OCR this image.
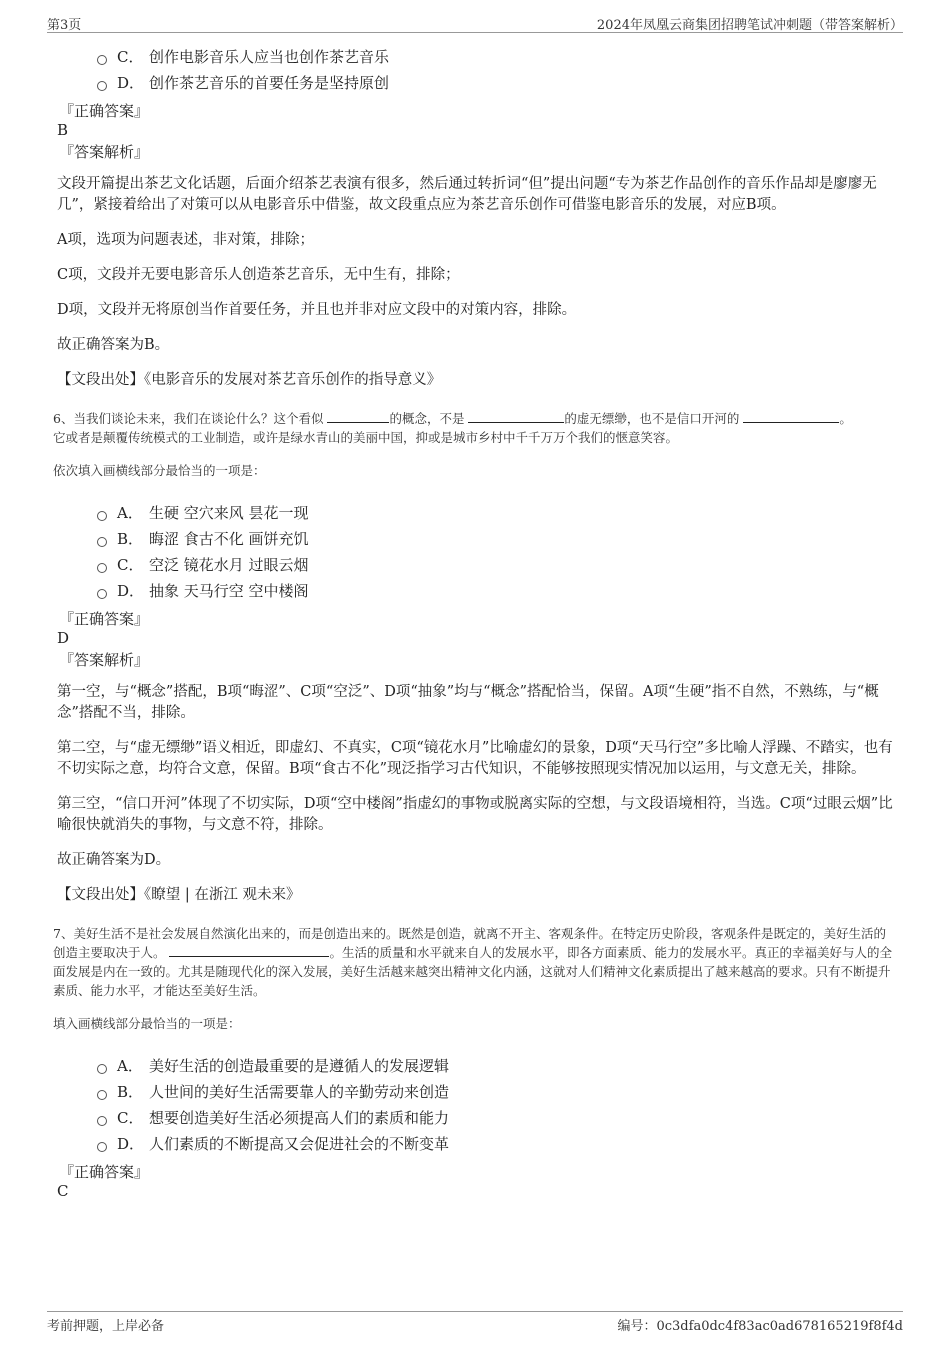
第3页	2024年凤凰云商集团招聘笔试冲刺题（带答案解析）
C． 创作电影音乐人应当也创作茶艺音乐
D． 创作茶艺音乐的首要任务是坚持原创
『正确答案』
B
『答案解析』
文段开篇提出茶艺文化话题，后面介绍茶艺表演有很多，然后通过转折词“但”提出问题“专为茶艺作品创作的音乐作品却是廖廖无几”，紧接着给出了对策可以从电影音乐中借鉴，故文段重点应为茶艺音乐创作可借鉴电影音乐的发展，对应B项。
A项，选项为问题表述，非对策，排除；
C项，文段并无要电影音乐人创造茶艺音乐，无中生有，排除；
D项，文段并无将原创当作首要任务，并且也并非对应文段中的对策内容，排除。
故正确答案为B。
【文段出处】《电影音乐的发展对茶艺音乐创作的指导意义》
6、当我们谈论未来，我们在谈论什么？这个看似	的概念，不是	的虚无缥缈，也不是信口开河的	。
它或者是颠覆传统模式的工业制造，或许是绿水青山的美丽中国，抑或是城市乡村中千千万万个我们的惬意笑容。
依次填入画横线部分最恰当的一项是：
A． 生硬 空穴来风 昙花一现
B． 晦涩 食古不化 画饼充饥
C． 空泛 镜花水月 过眼云烟
D． 抽象 天马行空 空中楼阁
『正确答案』
D
『答案解析』
第一空，与“概念”搭配，B项“晦涩”、C项“空泛”、D项“抽象”均与“概念”搭配恰当，保留。A项“生硬”指不自然，不熟练，与“概念”搭配不当，排除。
第二空，与“虚无缥缈”语义相近，即虚幻、不真实，C项“镜花水月”比喻虚幻的景象，D项“天马行空”多比喻人浮躁、不踏实，也有不切实际之意，均符合文意，保留。B项“食古不化”现泛指学习古代知识，不能够按照现实情况加以运用，与文意无关，排除。
第三空，“信口开河”体现了不切实际，D项“空中楼阁”指虚幻的事物或脱离实际的空想，与文段语境相符，当选。C项“过眼云烟”比喻很快就消失的事物，与文意不符，排除。
故正确答案为D。
【文段出处】《瞭望 | 在浙江 观未来》
7、美好生活不是社会发展自然演化出来的，而是创造出来的。既然是创造，就离不开主、客观条件。在特定历史阶段，客观条件是既定的，美好生活的创造主要取决于人。	。生活的质量和水平就来自人的发展水平，即各方面素质、能力的发展水平。真正的幸福美好与人的全面发展是内在一致的。尤其是随现代化的深入发展，美好生活越来越突出精神文化内涵，这就对人们精神文化素质提出了越来越高的要求。只有不断提升素质、能力水平，才能达至美好生活。
填入画横线部分最恰当的一项是：
A． 美好生活的创造最重要的是遵循人的发展逻辑
B． 人世间的美好生活需要靠人的辛勤劳动来创造
C． 想要创造美好生活必须提高人们的素质和能力
D． 人们素质的不断提高又会促进社会的不断变革
『正确答案』
C
考前押题，上岸必备	编号：0c3dfa0dc4f83ac0ad678165219f8f4d
